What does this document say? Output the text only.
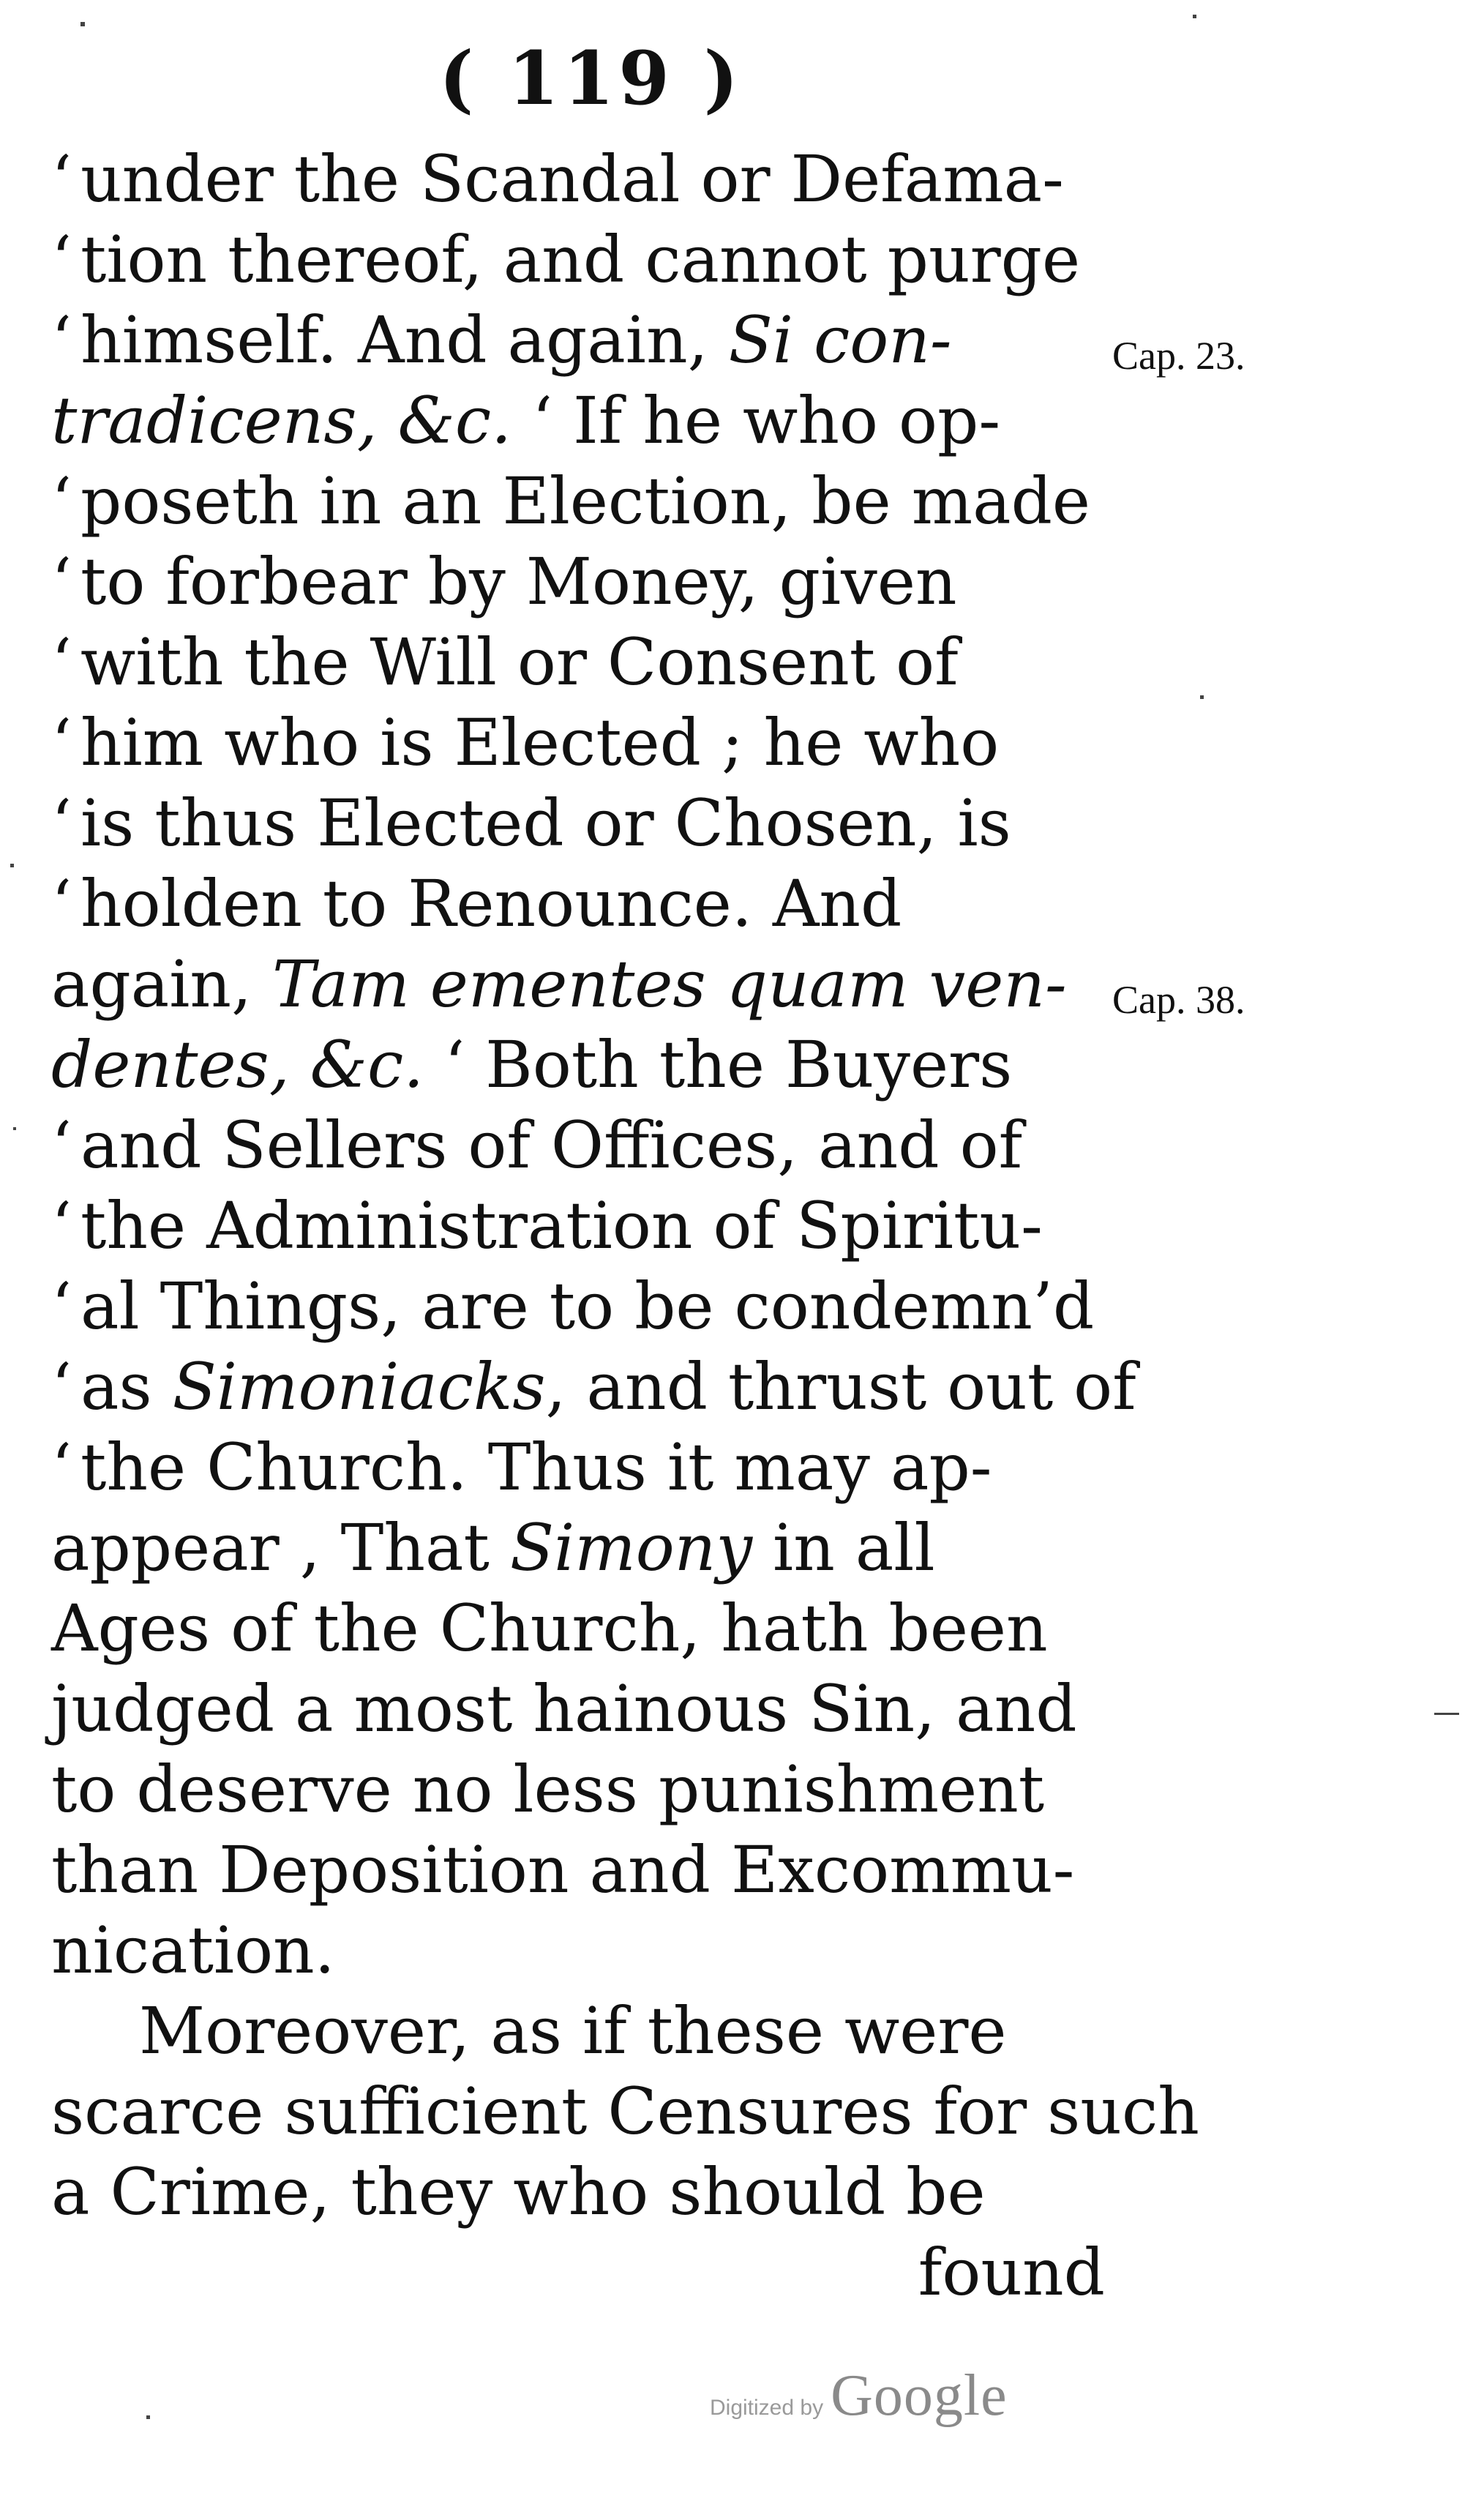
( 119 )
‘ under the Scandal or Defama-
‘ tion thereof, and cannot purge
‘ himself. And again, Si con-
tradicens, &c. ‘ If he who op-
‘ poseth in an Election, be made
‘ to forbear by Money, given
‘ with the Will or Consent of
‘ him who is Elected ; he who
‘ is thus Elected or Chosen, is
‘ holden to Renounce. And
again, Tam ementes quam ven-
dentes, &c. ‘ Both the Buyers
‘ and Sellers of Offices, and of
‘ the Administration of Spiritu-
‘ al Things, are to be condemn’d
‘ as Simoniacks, and thrust out of
‘ the Church. Thus it may ap-
appear , That Simony in all
Ages of the Church, hath been
judged a most hainous Sin, and
to deserve no less punishment
than Deposition and Excommu-
nication.
Moreover, as if these were
scarce sufficient Censures for such
a Crime, they who should be
found
Cap. 23.
Cap. 38.
Digitized by Google
